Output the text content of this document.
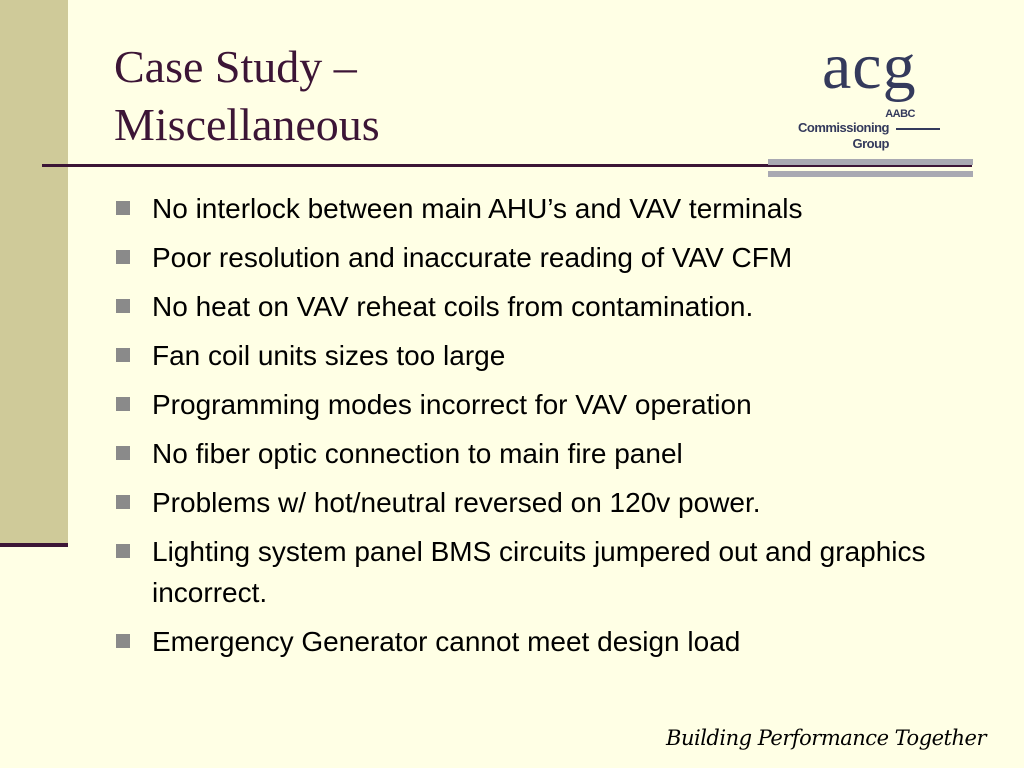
Case Study –
Miscellaneous
acg
AABC
Commissioning
Group
No interlock between main AHU’s and VAV terminals
Poor resolution and inaccurate reading of VAV CFM
No heat on VAV reheat coils from contamination.
Fan coil units sizes too large
Programming modes incorrect for VAV operation
No fiber optic connection to main fire panel
Problems w/ hot/neutral reversed on 120v power.
Lighting system panel BMS circuits jumpered out and graphics incorrect.
Emergency Generator cannot meet design load
Building Performance Together
